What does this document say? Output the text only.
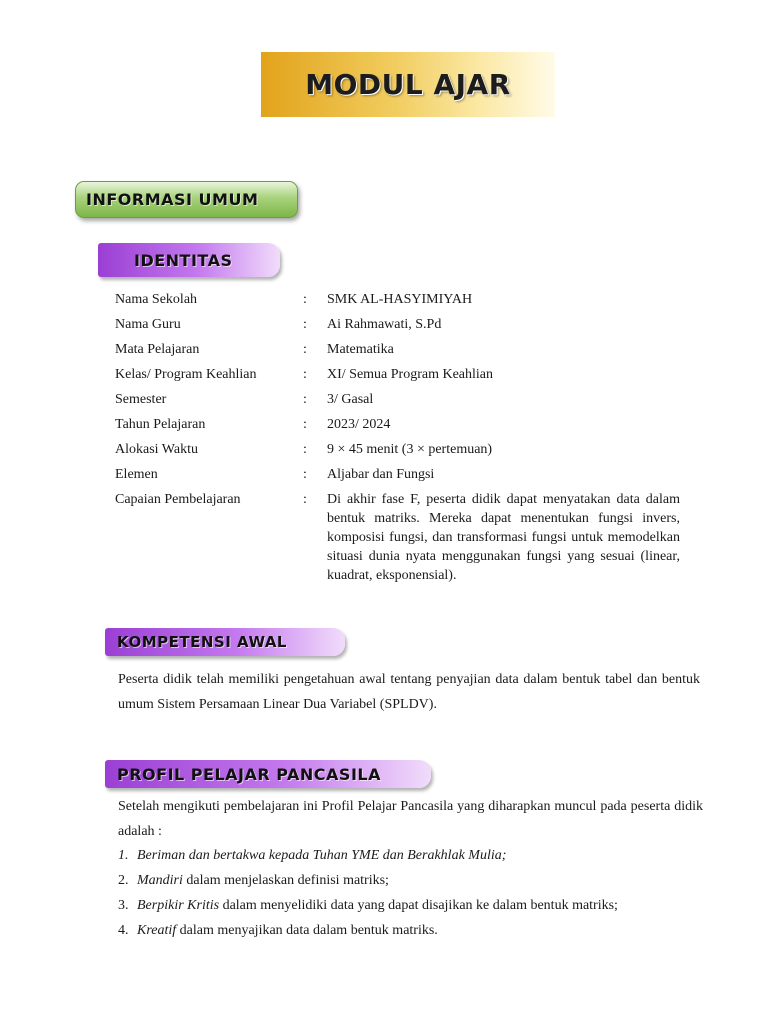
MODUL AJAR
INFORMASI UMUM
IDENTITAS
Nama Sekolah	:	SMK AL-HASYIMIYAH
Nama Guru	:	Ai Rahmawati, S.Pd
Mata Pelajaran	:	Matematika
Kelas/ Program Keahlian	:	XI/ Semua Program Keahlian
Semester	:	3/ Gasal
Tahun Pelajaran	:	2023/ 2024
Alokasi Waktu	:	9 × 45 menit (3 × pertemuan)
Elemen	:	Aljabar dan Fungsi
Capaian Pembelajaran	:	Di akhir fase F, peserta didik dapat menyatakan data dalam bentuk matriks. Mereka dapat menentukan fungsi invers, komposisi fungsi, dan transformasi fungsi untuk memodelkan situasi dunia nyata menggunakan fungsi yang sesuai (linear, kuadrat, eksponensial).
KOMPETENSI AWAL

Peserta didik telah memiliki pengetahuan awal tentang penyajian data dalam bentuk tabel dan bentuk umum Sistem Persamaan Linear Dua Variabel (SPLDV).

PROFIL PELAJAR PANCASILA

Setelah mengikuti pembelajaran ini Profil Pelajar Pancasila yang diharapkan muncul pada peserta didik adalah :

1. Beriman dan bertakwa kepada Tuhan YME dan Berakhlak Mulia;
2. Mandiri dalam menjelaskan definisi matriks;
3. Berpikir Kritis dalam menyelidiki data yang dapat disajikan ke dalam bentuk matriks;
4. Kreatif dalam menyajikan data dalam bentuk matriks.
